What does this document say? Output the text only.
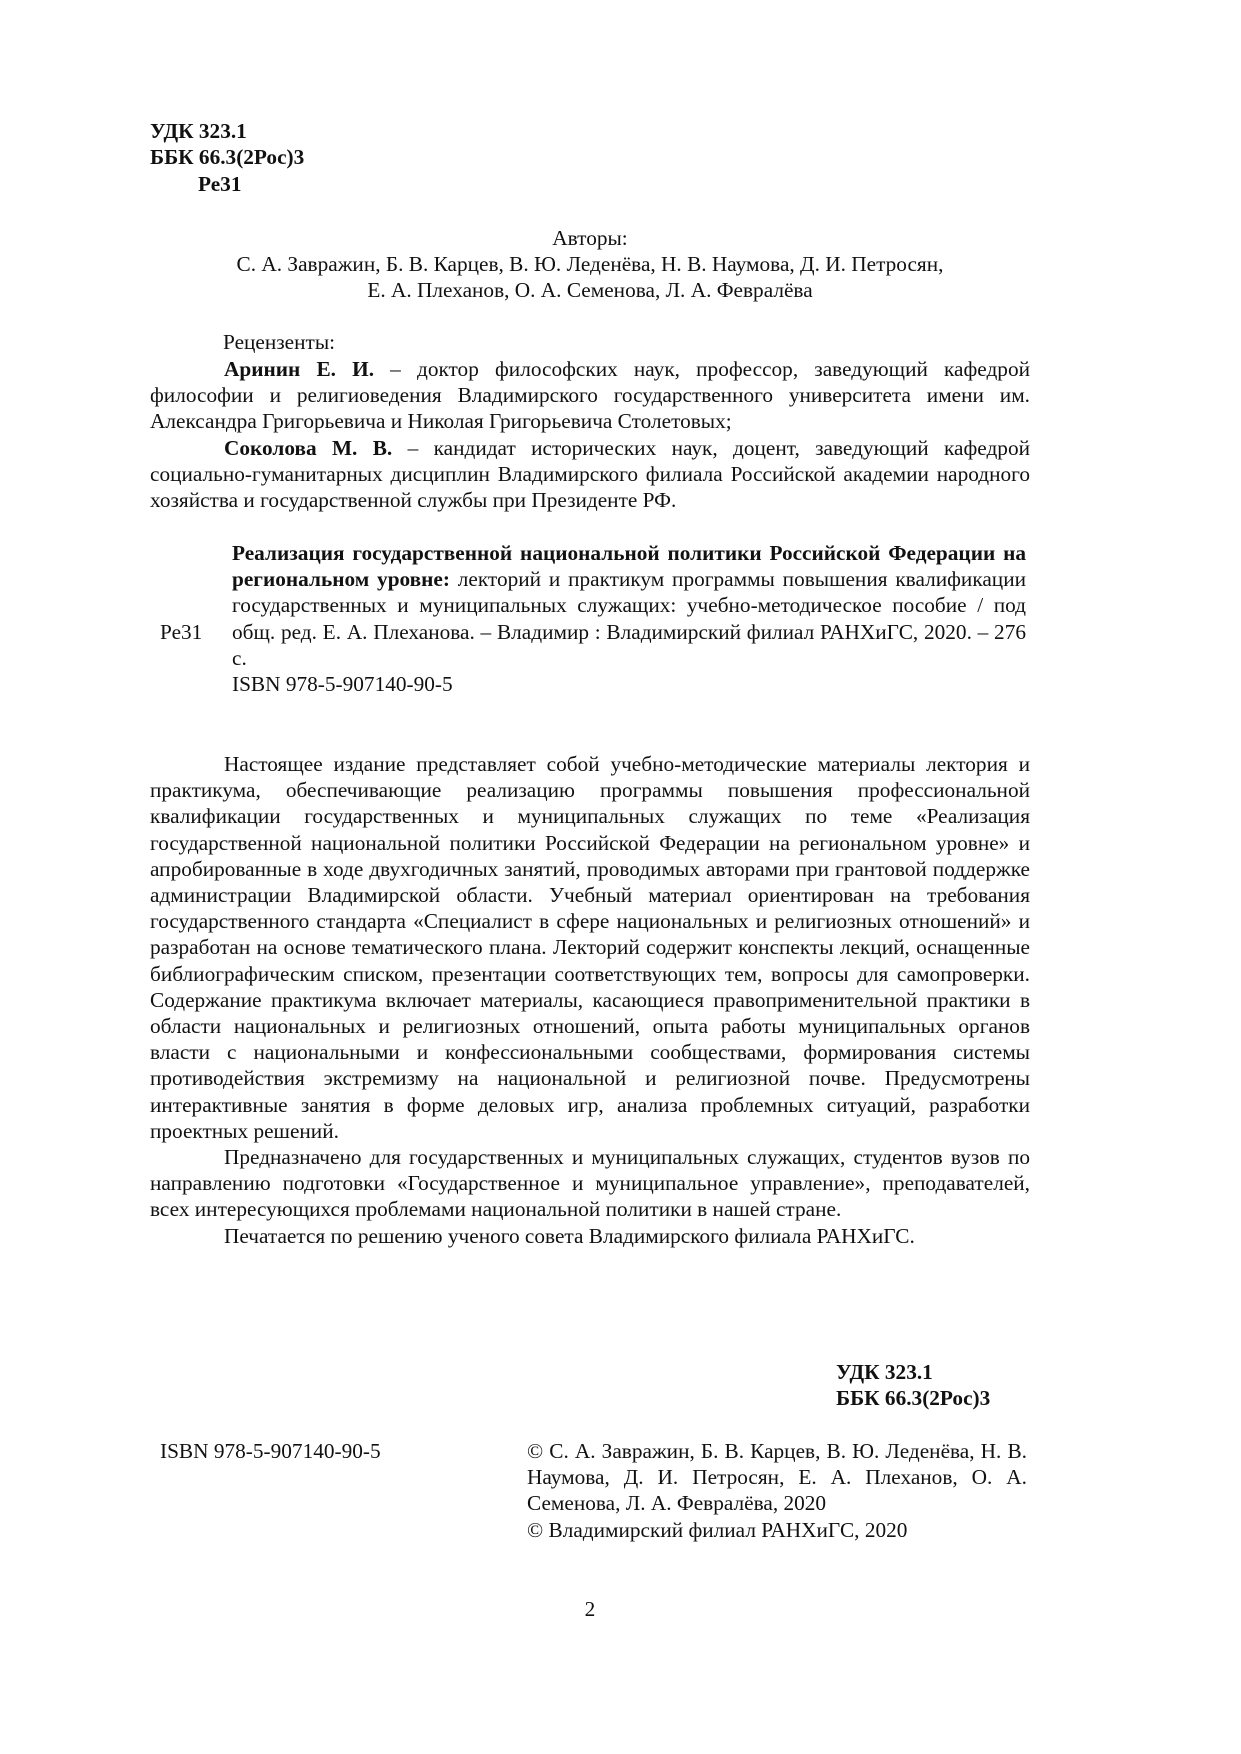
УДК 323.1
ББК 66.3(2Рос)3
Ре31
Авторы:
С. А. Завражин, Б. В. Карцев, В. Ю. Леденёва, Н. В. Наумова, Д. И. Петросян,
Е. А. Плеханов, О. А. Семенова, Л. А. Февралёва
Рецензенты:

Аринин Е. И. – доктор философских наук, профессор, заведующий кафедрой философии и религиоведения Владимирского государственного университета имени им. Александра Григорьевича и Николая Григорьевича Столетовых;

Соколова М. В. – кандидат исторических наук, доцент, заведующий кафедрой социально-гуманитарных дисциплин Владимирского филиала Российской академии народного хозяйства и государственной службы при Президенте РФ.

Ре31

Реализация государственной национальной политики Российской Федерации на региональном уровне: лекторий и практикум программы повышения квалификации государственных и муниципальных служащих: учебно-методическое пособие / под общ. ред. Е. А. Плеханова. – Владимир : Владимирский филиал РАНХиГС, 2020. – 276 с.

ISBN 978-5-907140-90-5

Настоящее издание представляет собой учебно-методические материалы лектория и практикума, обеспечивающие реализацию программы повышения профессиональной квалификации государственных и муниципальных служащих по теме «Реализация государственной национальной политики Российской Федерации на региональном уровне» и апробированные в ходе двухгодичных занятий, проводимых авторами при грантовой поддержке администрации Владимирской области. Учебный материал ориентирован на требования государственного стандарта «Специалист в сфере национальных и религиозных отношений» и разработан на основе тематического плана. Лекторий содержит конспекты лекций, оснащенные библиографическим списком, презентации соответствующих тем, вопросы для самопроверки. Содержание практикума включает материалы, касающиеся правоприменительной практики в области национальных и религиозных отношений, опыта работы муниципальных органов власти с национальными и конфессиональными сообществами, формирования системы противодействия экстремизму на национальной и религиозной почве. Предусмотрены интерактивные занятия в форме деловых игр, анализа проблемных ситуаций, разработки проектных решений.

Предназначено для государственных и муниципальных служащих, студентов вузов по направлению подготовки «Государственное и муниципальное управление», преподавателей, всех интересующихся проблемами национальной политики в нашей стране.

Печатается по решению ученого совета Владимирского филиала РАНХиГС.

УДК 323.1
ББК 66.3(2Рос)3
ISBN 978-5-907140-90-5	© С. А. Завражин, Б. В. Карцев, В. Ю. Леденёва, Н. В. Наумова, Д. И. Петросян, Е. А. Плеханов, О. А. Семенова, Л. А. Февралёва, 2020

© Владимирский филиал РАНХиГС, 2020
2
